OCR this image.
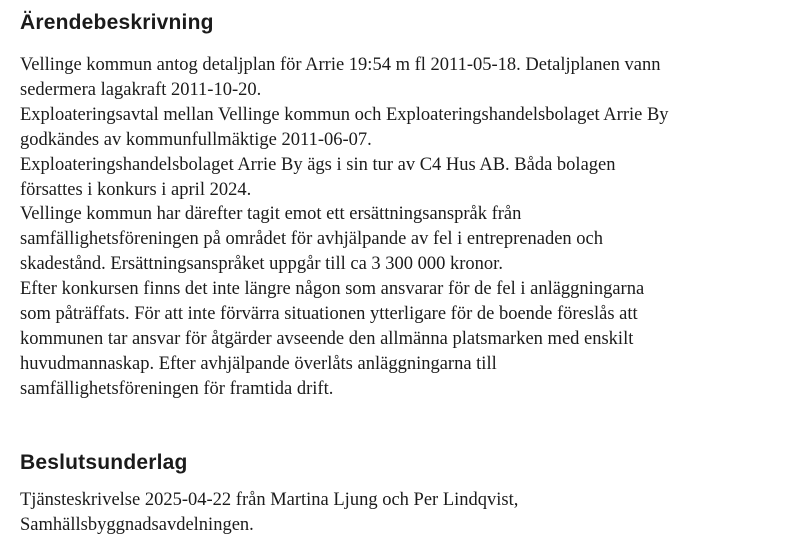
Ärendebeskrivning
Vellinge kommun antog detaljplan för Arrie 19:54 m fl 2011-05-18. Detaljplanen vann
sedermera lagakraft 2011-10-20.
Exploateringsavtal mellan Vellinge kommun och Exploateringshandelsbolaget Arrie By
godkändes av kommunfullmäktige 2011-06-07.
Exploateringshandelsbolaget Arrie By ägs i sin tur av C4 Hus AB. Båda bolagen
försattes i konkurs i april 2024.
Vellinge kommun har därefter tagit emot ett ersättningsanspråk från
samfällighetsföreningen på området för avhjälpande av fel i entreprenaden och
skadestånd. Ersättningsanspråket uppgår till ca 3 300 000 kronor.
Efter konkursen finns det inte längre någon som ansvarar för de fel i anläggningarna
som påträffats. För att inte förvärra situationen ytterligare för de boende föreslås att
kommunen tar ansvar för åtgärder avseende den allmänna platsmarken med enskilt
huvudmannaskap. Efter avhjälpande överlåts anläggningarna till
samfällighetsföreningen för framtida drift.
Beslutsunderlag
Tjänsteskrivelse 2025-04-22 från Martina Ljung och Per Lindqvist,
Samhällsbyggnadsavdelningen.
